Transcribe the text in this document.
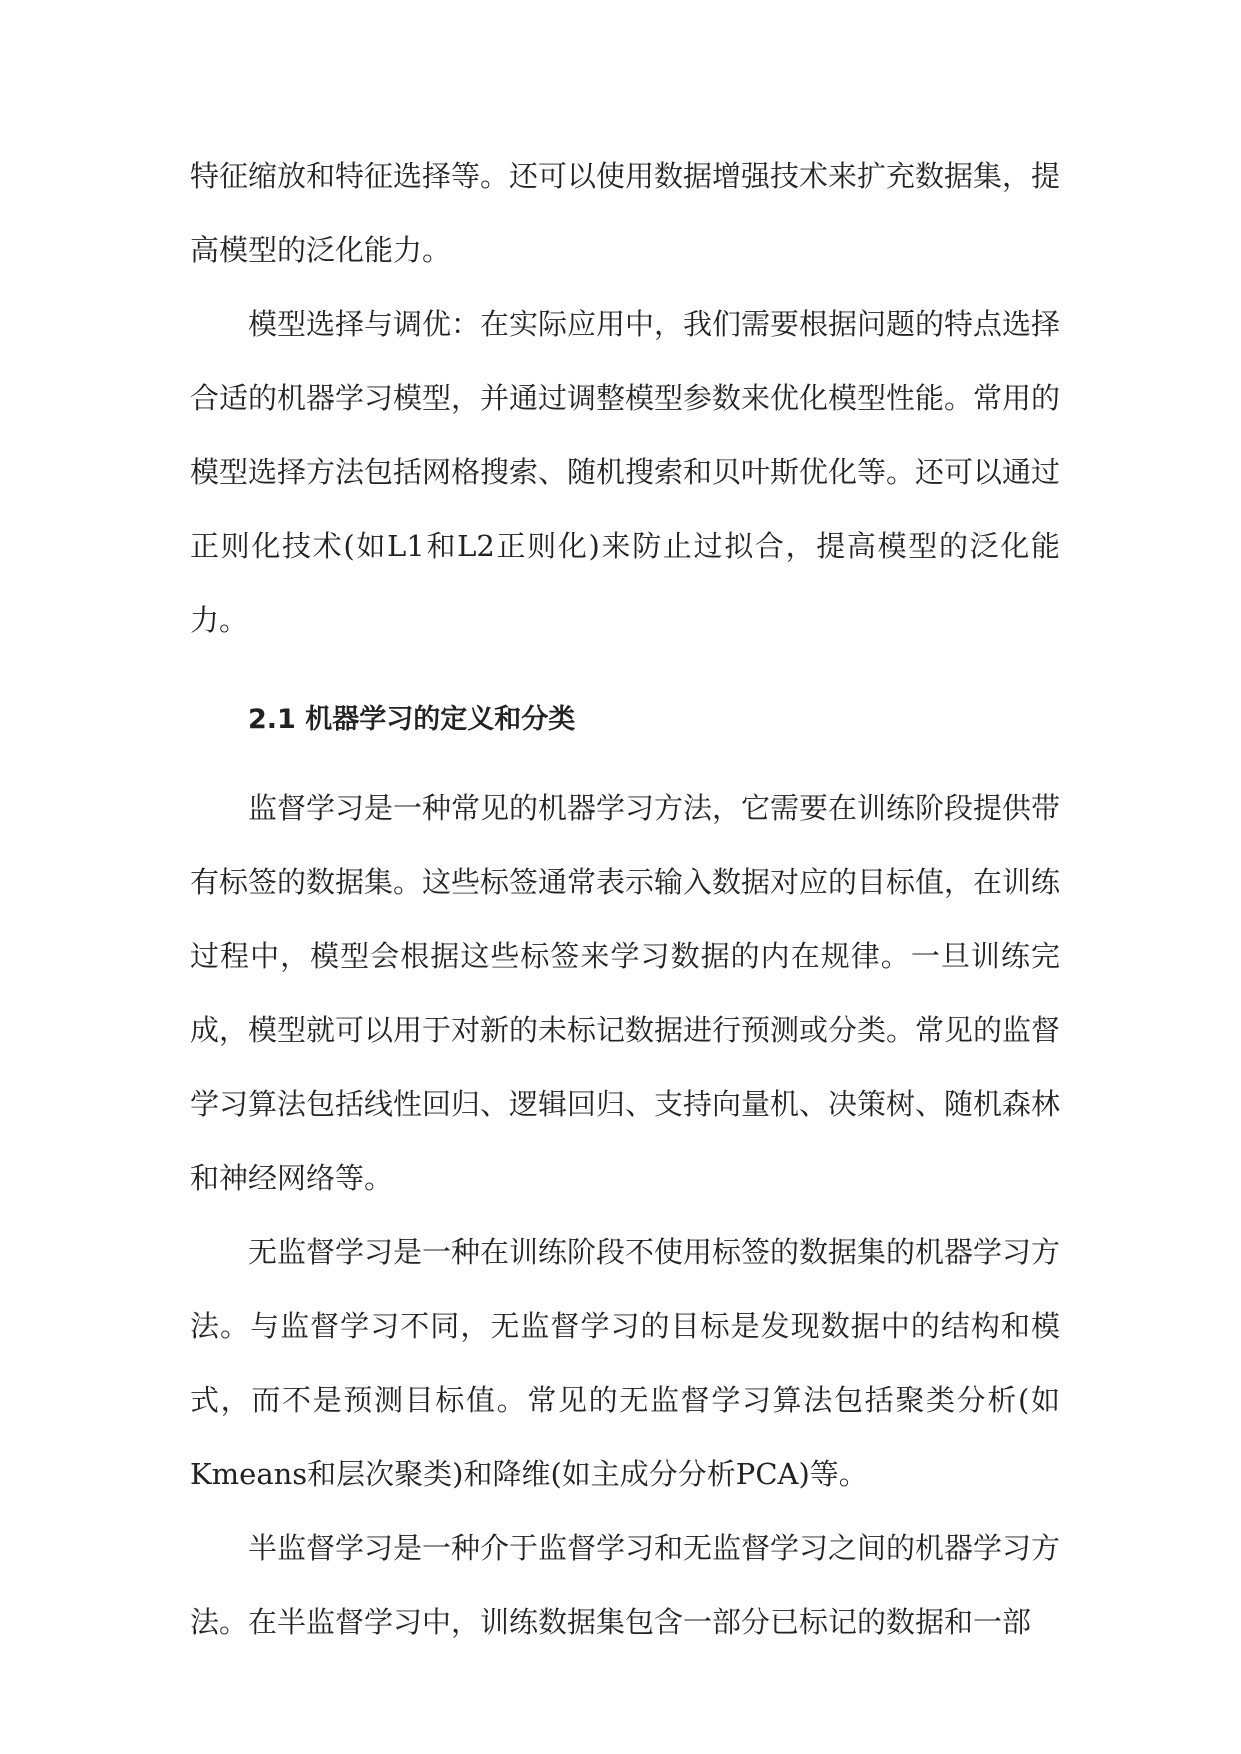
特征缩放和特征选择等。还可以使用数据增强技术来扩充数据集，提高模型的泛化能力。

模型选择与调优：在实际应用中，我们需要根据问题的特点选择合适的机器学习模型，并通过调整模型参数来优化模型性能。常用的模型选择方法包括网格搜索、随机搜索和贝叶斯优化等。还可以通过正则化技术(如L1和L2正则化)来防止过拟合，提高模型的泛化能力。

2.1 机器学习的定义和分类

监督学习是一种常见的机器学习方法，它需要在训练阶段提供带有标签的数据集。这些标签通常表示输入数据对应的目标值，在训练过程中，模型会根据这些标签来学习数据的内在规律。一旦训练完成，模型就可以用于对新的未标记数据进行预测或分类。常见的监督学习算法包括线性回归、逻辑回归、支持向量机、决策树、随机森林和神经网络等。

无监督学习是一种在训练阶段不使用标签的数据集的机器学习方法。与监督学习不同，无监督学习的目标是发现数据中的结构和模式，而不是预测目标值。常见的无监督学习算法包括聚类分析(如Kmeans和层次聚类)和降维(如主成分分析PCA)等。

半监督学习是一种介于监督学习和无监督学习之间的机器学习方法。在半监督学习中，训练数据集包含一部分已标记的数据和一部
